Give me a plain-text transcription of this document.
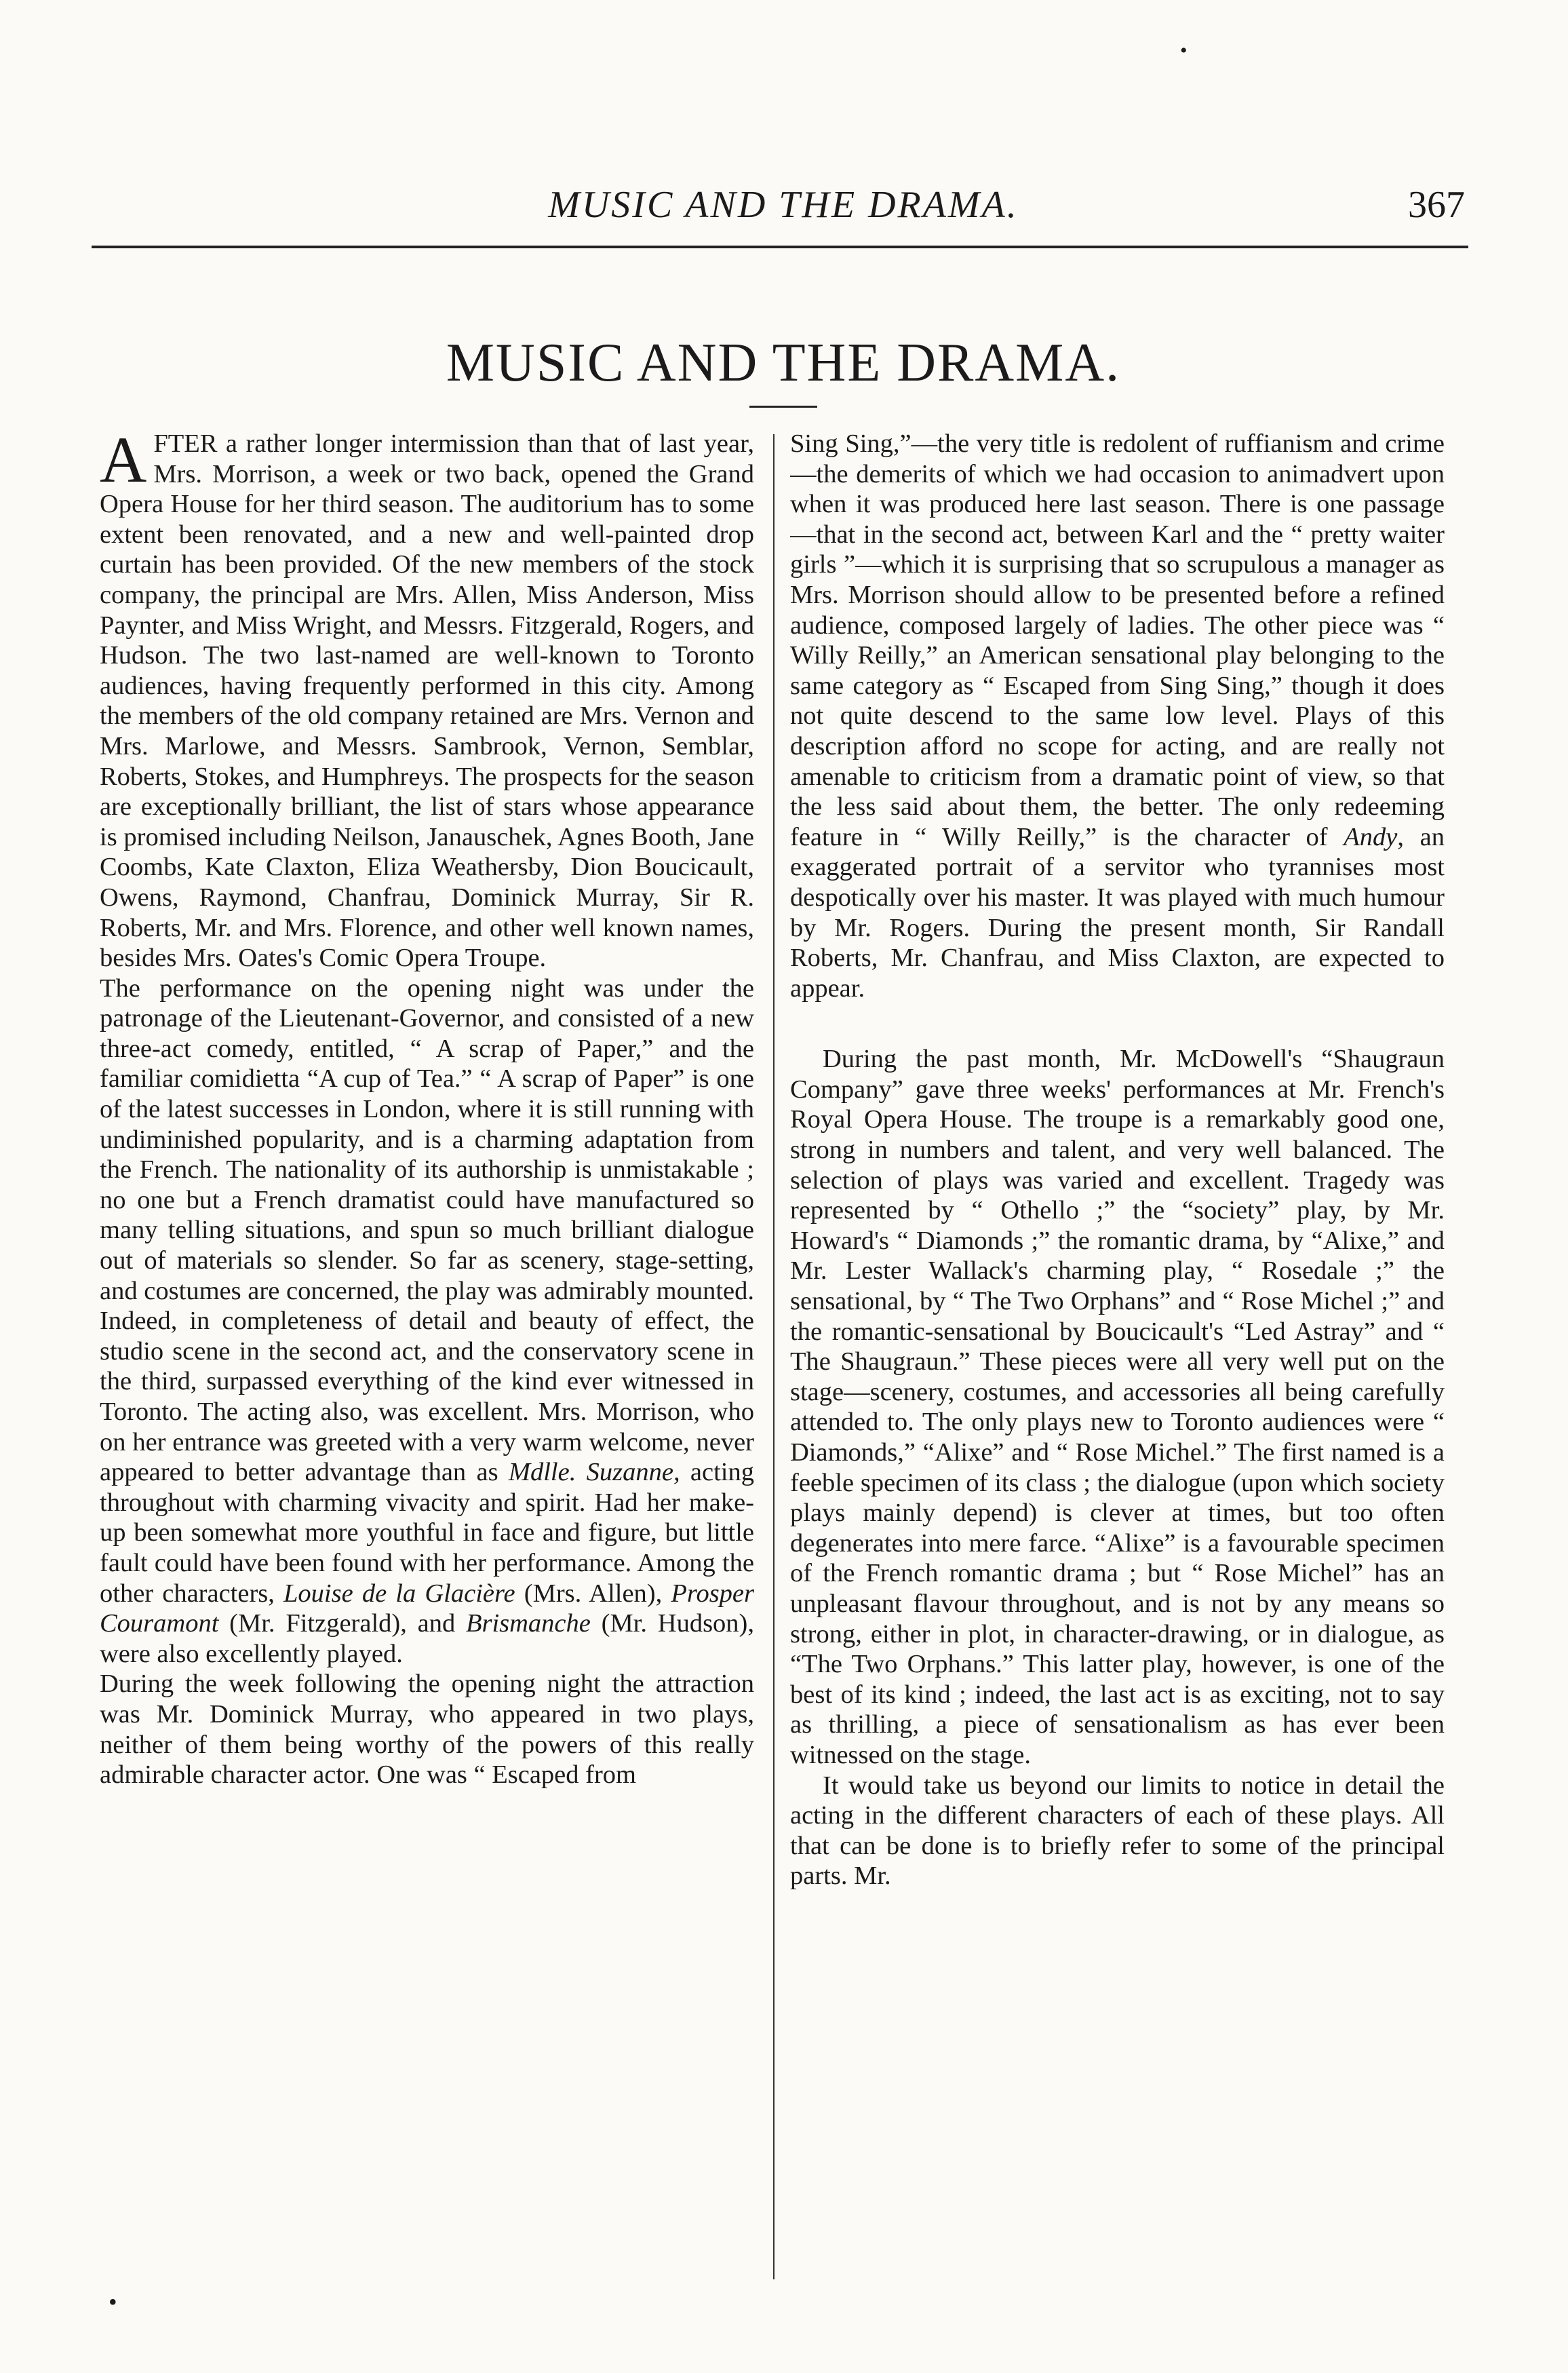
•
MUSIC AND THE DRAMA.	367
MUSIC AND THE DRAMA.

AFTER a rather longer intermission than that of last year, Mrs. Morrison, a week or two back, opened the Grand Opera House for her third season. The auditorium has to some extent been renovated, and a new and well-painted drop curtain has been provided. Of the new members of the stock company, the principal are Mrs. Allen, Miss Anderson, Miss Paynter, and Miss Wright, and Messrs. Fitzgerald, Rogers, and Hudson. The two last-named are well-known to Toronto audiences, having frequently performed in this city. Among the members of the old company retained are Mrs. Vernon and Mrs. Marlowe, and Messrs. Sambrook, Vernon, Semblar, Roberts, Stokes, and Humphreys. The prospects for the season are exceptionally brilliant, the list of stars whose appearance is promised including Neilson, Janauschek, Agnes Booth, Jane Coombs, Kate Claxton, Eliza Weathersby, Dion Boucicault, Owens, Raymond, Chanfrau, Dominick Murray, Sir R. Roberts, Mr. and Mrs. Florence, and other well known names, besides Mrs. Oates's Comic Opera Troupe.

The performance on the opening night was under the patronage of the Lieutenant-Governor, and consisted of a new three-act comedy, entitled, “ A scrap of Paper,” and the familiar comidietta “A cup of Tea.” “ A scrap of Paper” is one of the latest successes in London, where it is still running with undiminished popularity, and is a charming adaptation from the French. The nationality of its authorship is unmistakable ; no one but a French dramatist could have manufactured so many telling situations, and spun so much brilliant dialogue out of materials so slender. So far as scenery, stage-setting, and costumes are concerned, the play was admirably mounted. Indeed, in completeness of detail and beauty of effect, the studio scene in the second act, and the conservatory scene in the third, surpassed everything of the kind ever witnessed in Toronto. The acting also, was excellent. Mrs. Morrison, who on her entrance was greeted with a very warm welcome, never appeared to better advantage than as Mdlle. Suzanne, acting throughout with charming vivacity and spirit. Had her make-up been somewhat more youthful in face and figure, but little fault could have been found with her performance. Among the other characters, Louise de la Glacière (Mrs. Allen), Prosper Couramont (Mr. Fitzgerald), and Brismanche (Mr. Hudson), were also excellently played.

During the week following the opening night the attraction was Mr. Dominick Murray, who appeared in two plays, neither of them being worthy of the powers of this really admirable character actor. One was “ Escaped from

Sing Sing,”—the very title is redolent of ruffianism and crime—the demerits of which we had occasion to animadvert upon when it was produced here last season. There is one passage —that in the second act, between Karl and the “ pretty waiter girls ”—which it is surprising that so scrupulous a manager as Mrs. Morrison should allow to be presented before a refined audience, composed largely of ladies. The other piece was “ Willy Reilly,” an American sensational play belonging to the same category as “ Escaped from Sing Sing,” though it does not quite descend to the same low level. Plays of this description afford no scope for acting, and are really not amenable to criticism from a dramatic point of view, so that the less said about them, the better. The only redeeming feature in “ Willy Reilly,” is the character of Andy, an exaggerated portrait of a servitor who tyrannises most despotically over his master. It was played with much humour by Mr. Rogers. During the present month, Sir Randall Roberts, Mr. Chanfrau, and Miss Claxton, are expected to appear.

During the past month, Mr. McDowell's “Shaugraun Company” gave three weeks' performances at Mr. French's Royal Opera House. The troupe is a remarkably good one, strong in numbers and talent, and very well balanced. The selection of plays was varied and excellent. Tragedy was represented by “ Othello ;” the “society” play, by Mr. Howard's “ Diamonds ;” the romantic drama, by “Alixe,” and Mr. Lester Wallack's charming play, “ Rosedale ;” the sensational, by “ The Two Orphans” and “ Rose Michel ;” and the romantic-sensational by Boucicault's “Led Astray” and “ The Shaugraun.” These pieces were all very well put on the stage—scenery, costumes, and accessories all being carefully attended to. The only plays new to Toronto audiences were “ Diamonds,” “Alixe” and “ Rose Michel.” The first named is a feeble specimen of its class ; the dialogue (upon which society plays mainly depend) is clever at times, but too often degenerates into mere farce. “Alixe” is a favourable specimen of the French romantic drama ; but “ Rose Michel” has an unpleasant flavour throughout, and is not by any means so strong, either in plot, in character-drawing, or in dialogue, as “The Two Orphans.” This latter play, however, is one of the best of its kind ; indeed, the last act is as exciting, not to say as thrilling, a piece of sensationalism as has ever been witnessed on the stage.

It would take us beyond our limits to notice in detail the acting in the different characters of each of these plays. All that can be done is to briefly refer to some of the principal parts. Mr.

•
